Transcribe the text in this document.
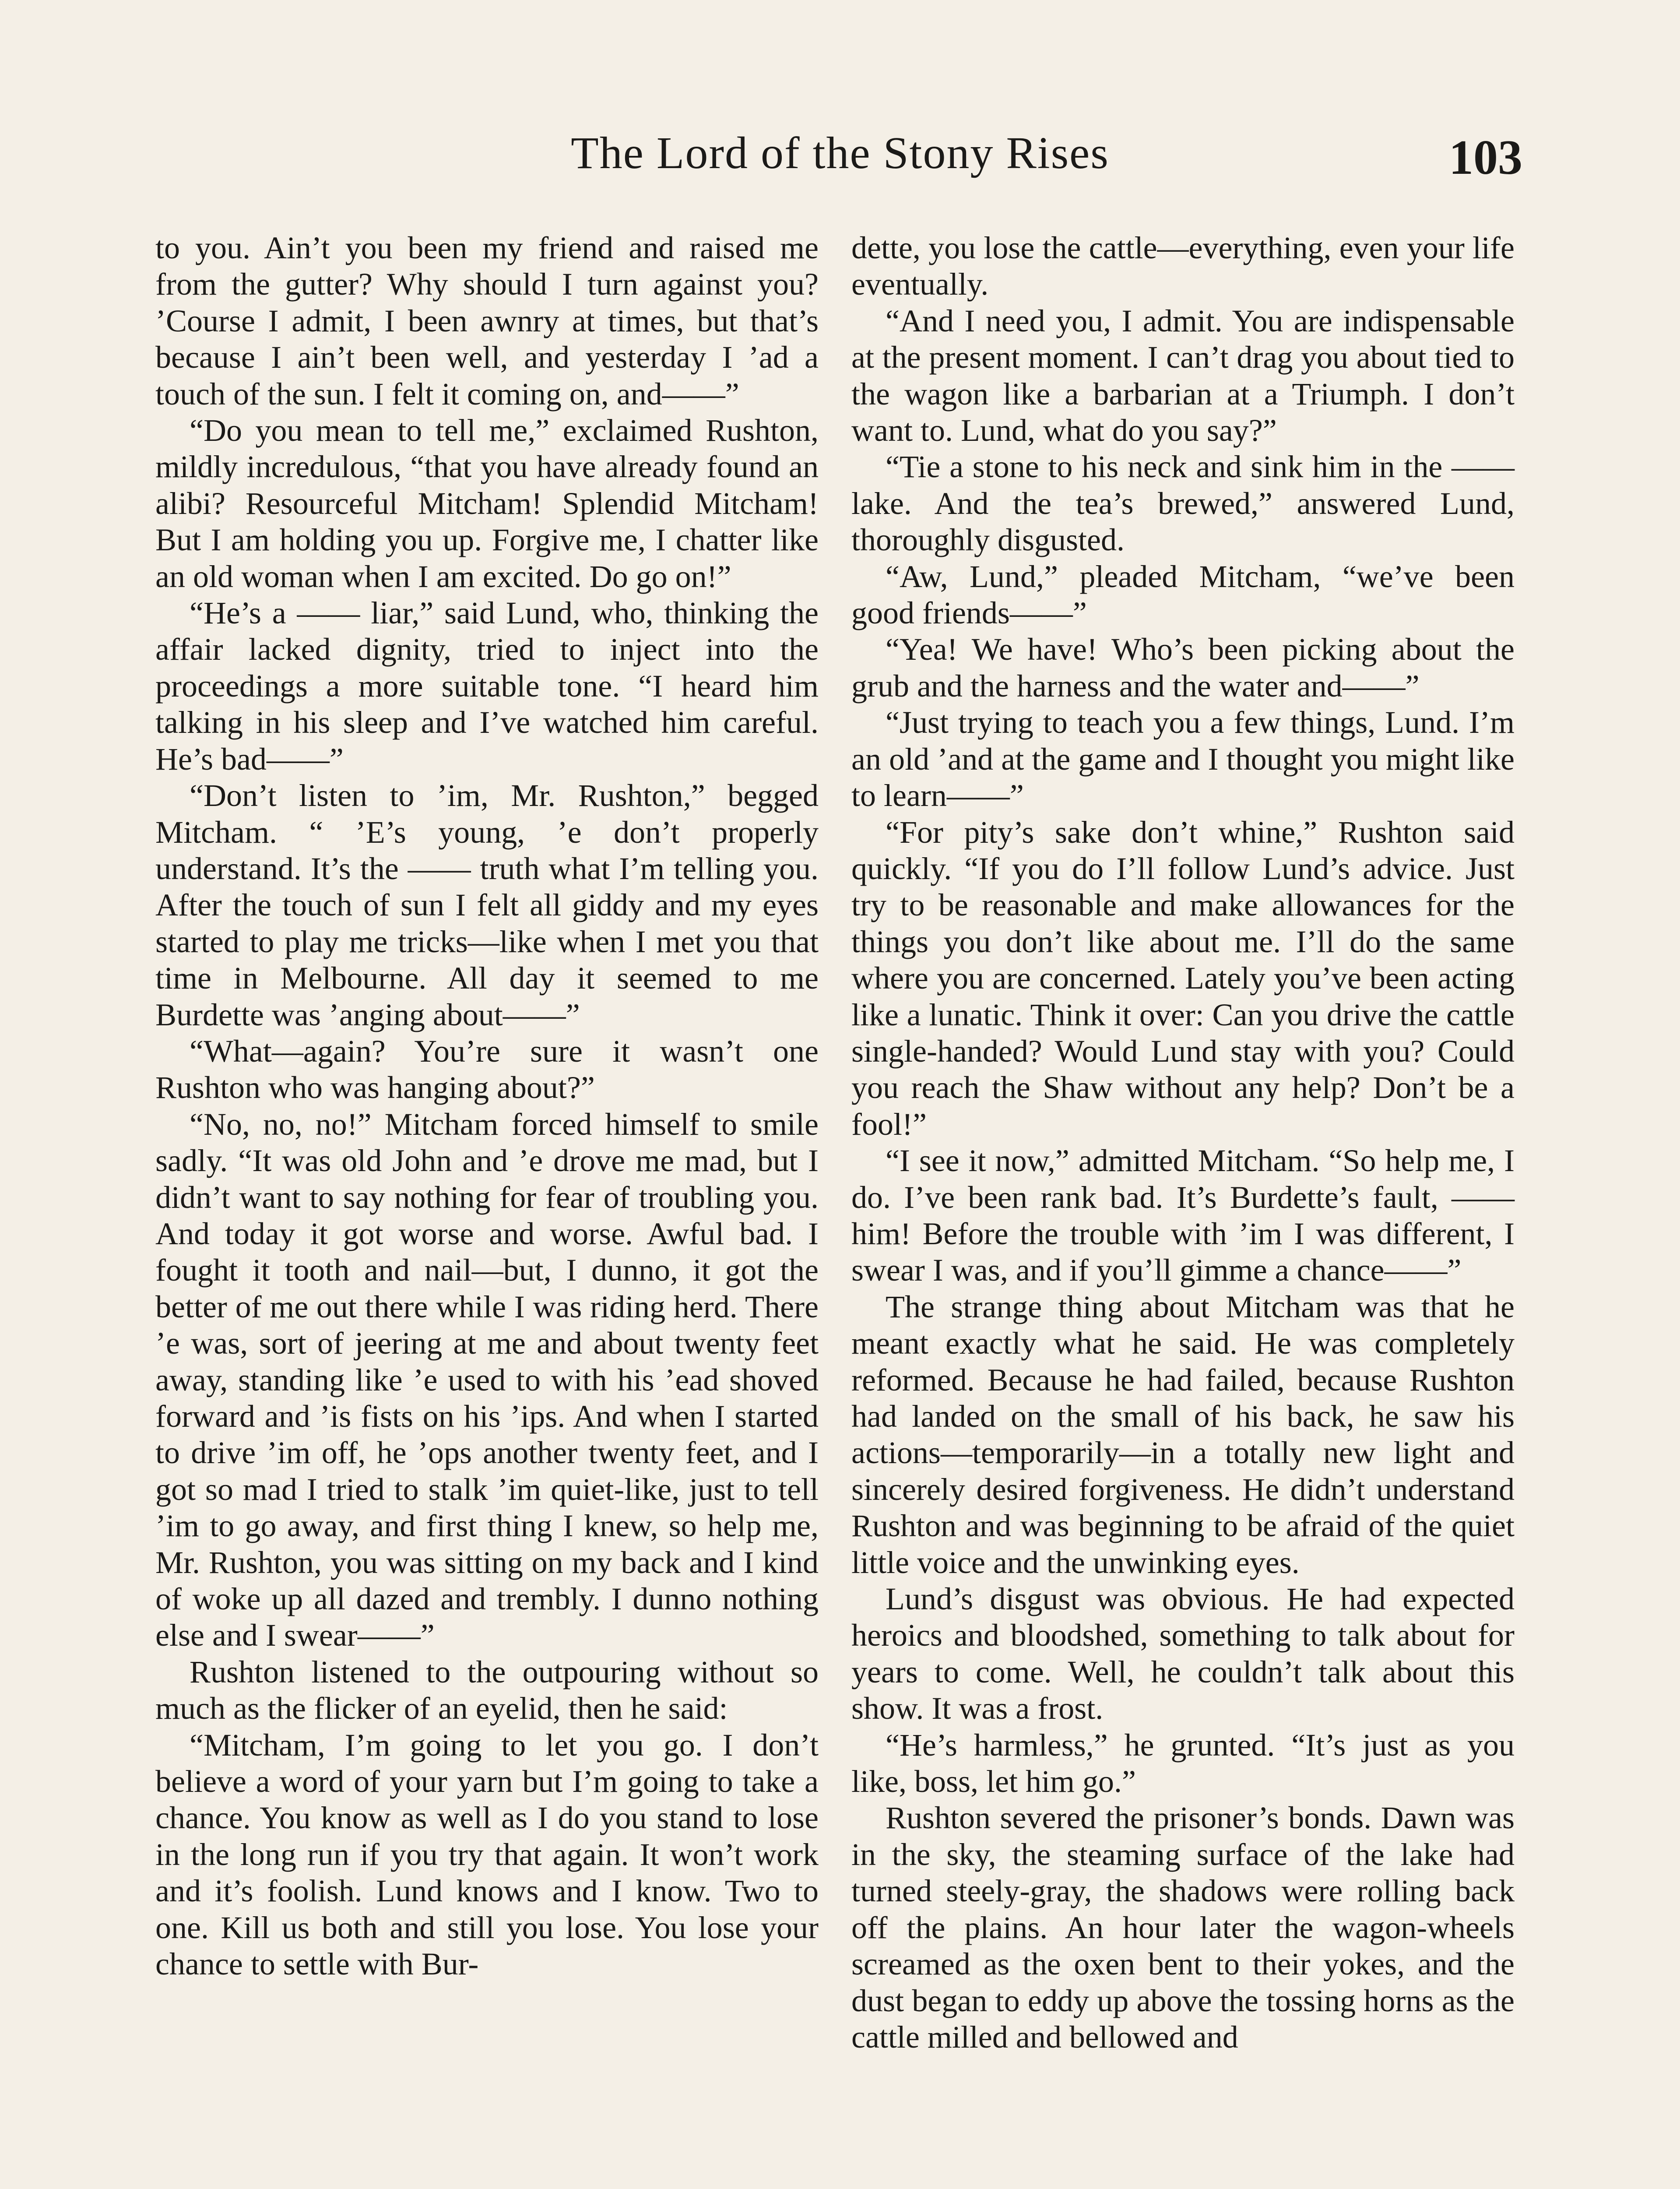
The Lord of the Stony Rises	103

to you. Ain’t you been my friend and raised me from the gutter? Why should I turn against you? ’Course I admit, I been awnry at times, but that’s because I ain’t been well, and yesterday I ’ad a touch of the sun. I felt it coming on, and——”

“Do you mean to tell me,” exclaimed Rushton, mildly incredulous, “that you have already found an alibi? Resourceful Mitcham! Splendid Mitcham! But I am holding you up. Forgive me, I chatter like an old woman when I am excited. Do go on!”

“He’s a —— liar,” said Lund, who, thinking the affair lacked dignity, tried to inject into the proceedings a more suitable tone. “I heard him talking in his sleep and I’ve watched him careful. He’s bad——”

“Don’t listen to ’im, Mr. Rushton,” begged Mitcham. “ ’E’s young, ’e don’t properly understand. It’s the —— truth what I’m telling you. After the touch of sun I felt all giddy and my eyes started to play me tricks—like when I met you that time in Melbourne. All day it seemed to me Burdette was ’anging about——”

“What—again? You’re sure it wasn’t one Rushton who was hanging about?”

“No, no, no!” Mitcham forced himself to smile sadly. “It was old John and ’e drove me mad, but I didn’t want to say nothing for fear of troubling you. And today it got worse and worse. Awful bad. I fought it tooth and nail—but, I dunno, it got the better of me out there while I was riding herd. There ’e was, sort of jeering at me and about twenty feet away, standing like ’e used to with his ’ead shoved forward and ’is fists on his ’ips. And when I started to drive ’im off, he ’ops another twenty feet, and I got so mad I tried to stalk ’im quiet-like, just to tell ’im to go away, and first thing I knew, so help me, Mr. Rushton, you was sitting on my back and I kind of woke up all dazed and trembly. I dunno nothing else and I swear——”

Rushton listened to the outpouring without so much as the flicker of an eyelid, then he said:

“Mitcham, I’m going to let you go. I don’t believe a word of your yarn but I’m going to take a chance. You know as well as I do you stand to lose in the long run if you try that again. It won’t work and it’s foolish. Lund knows and I know. Two to one. Kill us both and still you lose. You lose your chance to settle with Bur-

dette, you lose the cattle—everything, even your life eventually.

“And I need you, I admit. You are indispensable at the present moment. I can’t drag you about tied to the wagon like a barbarian at a Triumph. I don’t want to. Lund, what do you say?”

“Tie a stone to his neck and sink him in the —— lake. And the tea’s brewed,” answered Lund, thoroughly disgusted.

“Aw, Lund,” pleaded Mitcham, “we’ve been good friends——”

“Yea! We have! Who’s been picking about the grub and the harness and the water and——”

“Just trying to teach you a few things, Lund. I’m an old ’and at the game and I thought you might like to learn——”

“For pity’s sake don’t whine,” Rushton said quickly. “If you do I’ll follow Lund’s advice. Just try to be reasonable and make allowances for the things you don’t like about me. I’ll do the same where you are concerned. Lately you’ve been acting like a lunatic. Think it over: Can you drive the cattle single-handed? Would Lund stay with you? Could you reach the Shaw without any help? Don’t be a fool!”

“I see it now,” admitted Mitcham. “So help me, I do. I’ve been rank bad. It’s Burdette’s fault, —— him! Before the trouble with ’im I was different, I swear I was, and if you’ll gimme a chance——”

The strange thing about Mitcham was that he meant exactly what he said. He was completely reformed. Because he had failed, because Rushton had landed on the small of his back, he saw his actions—temporarily—in a totally new light and sincerely desired forgiveness. He didn’t understand Rushton and was beginning to be afraid of the quiet little voice and the unwinking eyes.

Lund’s disgust was obvious. He had expected heroics and bloodshed, something to talk about for years to come. Well, he couldn’t talk about this show. It was a frost.

“He’s harmless,” he grunted. “It’s just as you like, boss, let him go.”

Rushton severed the prisoner’s bonds. Dawn was in the sky, the steaming surface of the lake had turned steely-gray, the shadows were rolling back off the plains. An hour later the wagon-wheels screamed as the oxen bent to their yokes, and the dust began to eddy up above the tossing horns as the cattle milled and bellowed and
